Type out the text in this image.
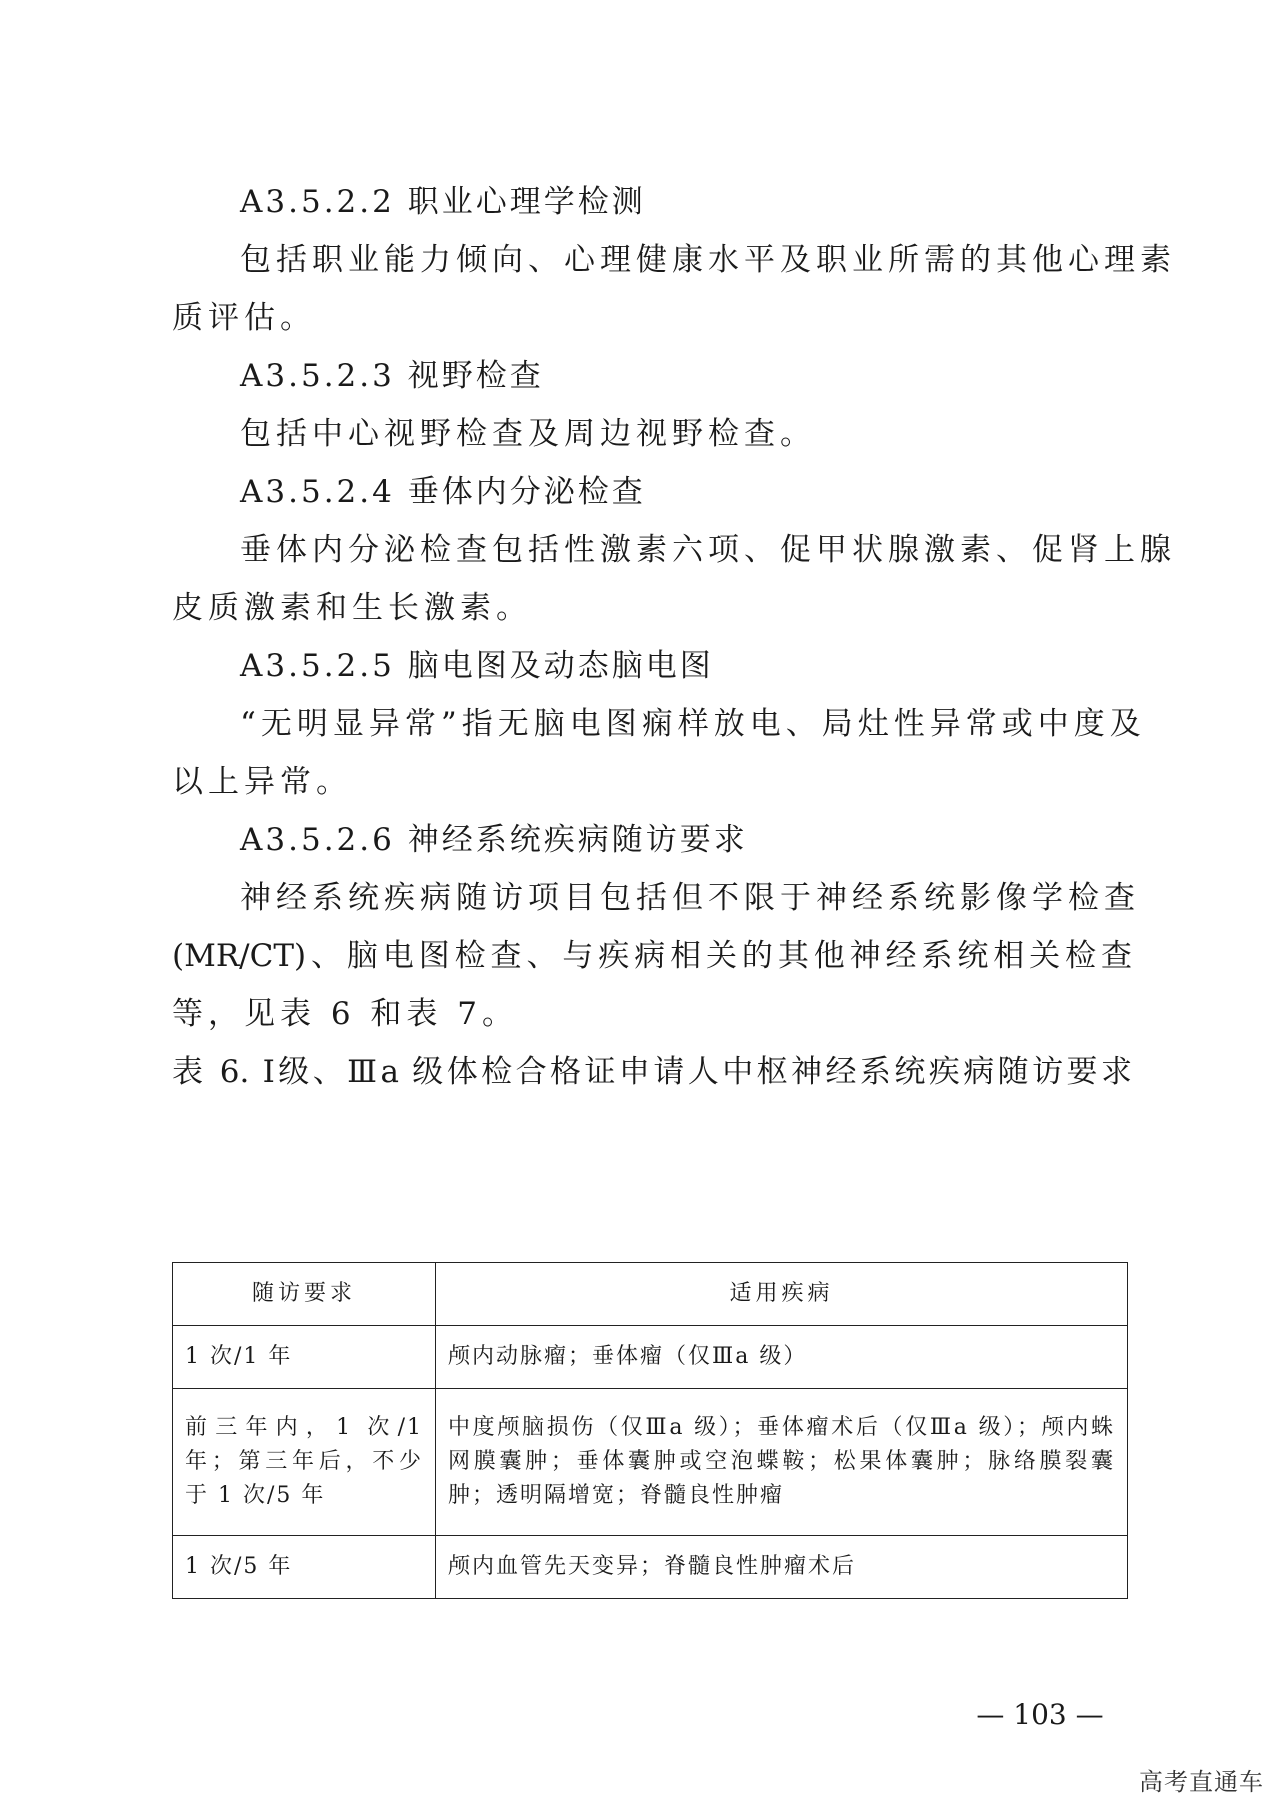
A3.5.2.2 职业心理学检测
包括职业能力倾向、心理健康水平及职业所需的其他心理素
质评估。
A3.5.2.3 视野检查
包括中心视野检查及周边视野检查。
A3.5.2.4 垂体内分泌检查
垂体内分泌检查包括性激素六项、促甲状腺激素、促肾上腺
皮质激素和生长激素。
A3.5.2.5 脑电图及动态脑电图
“无明显异常”指无脑电图痫样放电、局灶性异常或中度及
以上异常。
A3.5.2.6 神经系统疾病随访要求
神经系统疾病随访项目包括但不限于神经系统影像学检查
(MR/CT)、脑电图检查、与疾病相关的其他神经系统相关检查
等，见表 6 和表 7。
表 6. Ⅰ级、Ⅲa 级体检合格证申请人中枢神经系统疾病随访要求
随访要求	适用疾病
1 次/1 年	颅内动脉瘤；垂体瘤（仅Ⅲa 级）
前三年内，1 次/1 年；第三年后，不少于 1 次/5 年	中度颅脑损伤（仅Ⅲa 级）；垂体瘤术后（仅Ⅲa 级）；颅内蛛网膜囊肿；垂体囊肿或空泡蝶鞍；松果体囊肿；脉络膜裂囊肿；透明隔增宽；脊髓良性肿瘤
1 次/5 年	颅内血管先天变异；脊髓良性肿瘤术后
— 103 —
高考直通车
